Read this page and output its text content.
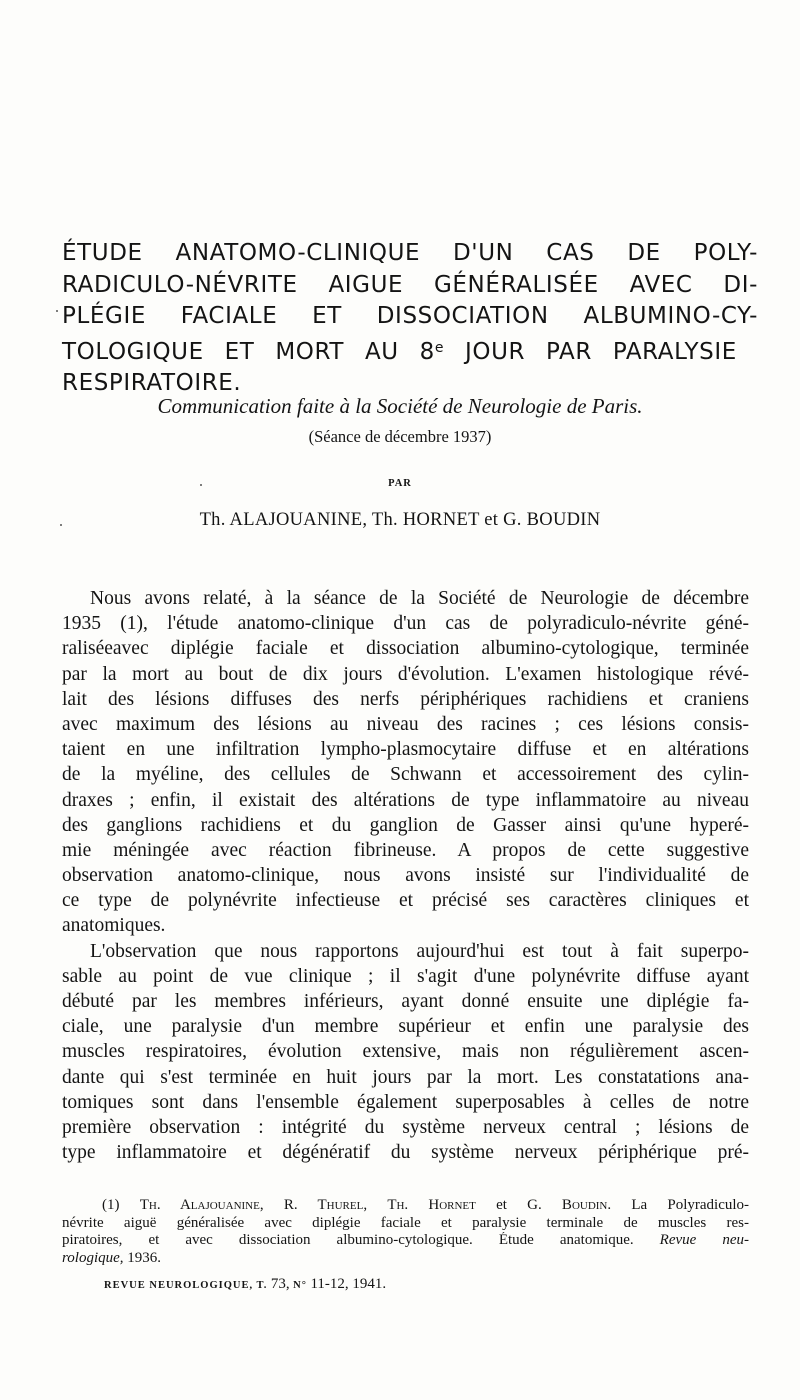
ÉTUDE ANATOMO-CLINIQUE D'UN CAS DE POLY-
RADICULO-NÉVRITE AIGUE GÉNÉRALISÉE AVEC DI-
PLÉGIE FACIALE ET DISSOCIATION ALBUMINO-CY-
TOLOGIQUE ET MORT AU 8e JOUR PAR PARALYSIE
RESPIRATOIRE.
Communication faite à la Société de Neurologie de Paris.
(Séance de décembre 1937)
PAR
Th. ALAJOUANINE, Th. HORNET et G. BOUDIN
Nous avons relaté, à la séance de la Société de Neurologie de décembre
1935 (1), l'étude anatomo-clinique d'un cas de polyradiculo-névrite géné-
raliséeavec diplégie faciale et dissociation albumino-cytologique, terminée
par la mort au bout de dix jours d'évolution. L'examen histologique révé-
lait des lésions diffuses des nerfs périphériques rachidiens et craniens
avec maximum des lésions au niveau des racines ; ces lésions consis-
taient en une infiltration lympho-plasmocytaire diffuse et en altérations
de la myéline, des cellules de Schwann et accessoirement des cylin-
draxes ; enfin, il existait des altérations de type inflammatoire au niveau
des ganglions rachidiens et du ganglion de Gasser ainsi qu'une hyperé-
mie méningée avec réaction fibrineuse. A propos de cette suggestive
observation anatomo-clinique, nous avons insisté sur l'individualité de
ce type de polynévrite infectieuse et précisé ses caractères cliniques et
anatomiques.
L'observation que nous rapportons aujourd'hui est tout à fait superpo-
sable au point de vue clinique ; il s'agit d'une polynévrite diffuse ayant
débuté par les membres inférieurs, ayant donné ensuite une diplégie fa-
ciale, une paralysie d'un membre supérieur et enfin une paralysie des
muscles respiratoires, évolution extensive, mais non régulièrement ascen-
dante qui s'est terminée en huit jours par la mort. Les constatations ana-
tomiques sont dans l'ensemble également superposables à celles de notre
première observation : intégrité du système nerveux central ; lésions de
type inflammatoire et dégénératif du système nerveux périphérique pré-
(1) Th. Alajouanine, R. Thurel, Th. Hornet et G. Boudin. La Polyradiculo-
névrite aiguë généralisée avec diplégie faciale et paralysie terminale de muscles res-
piratoires, et avec dissociation albumino-cytologique. Étude anatomique. Revue neu-
rologique, 1936.
REVUE NEUROLOGIQUE, T. 73, N° 11-12, 1941.
